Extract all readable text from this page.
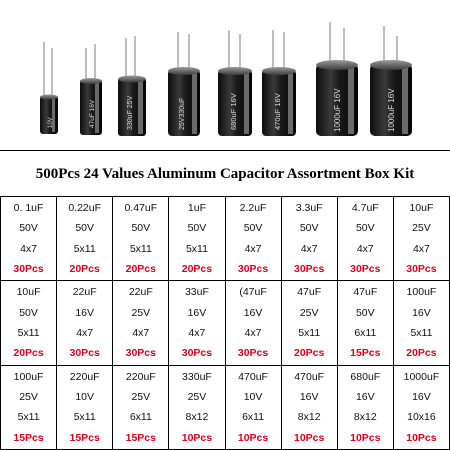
10V	47uF 16V	330uF 25V	25V330uF	680uF 16V	470uF 16V	1000uF 16V	1000uF 16V
500Pcs 24 Values Aluminum Capacitor Assortment Box Kit
0. 1uF
50V
4x7
30Pcs	0.22uF
50V
5x11
20Pcs	0.47uF
50V
5x11
20Pcs	1uF
50V
5x11
20Pcs	2.2uF
50V
4x7
30Pcs	3.3uF
50V
4x7
30Pcs	4.7uF
50V
4x7
30Pcs	10uF
25V
4x7
30Pcs

10uF
50V
5x11
20Pcs	22uF
16V
4x7
30Pcs	22uF
25V
4x7
30Pcs	33uF
16V
4x7
30Pcs	(47uF
16V
4x7
30Pcs	47uF
25V
5x11
20Pcs	47uF
50V
6x11
15Pcs	100uF
16V
5x11
20Pcs

100uF
25V
5x11
15Pcs	220uF
10V
5x11
15Pcs	220uF
25V
6x11
15Pcs	330uF
25V
8x12
10Pcs	470uF
10V
6x11
10Pcs	470uF
16V
8x12
10Pcs	680uF
16V
8x12
10Pcs	1000uF
16V
10x16
10Pcs
